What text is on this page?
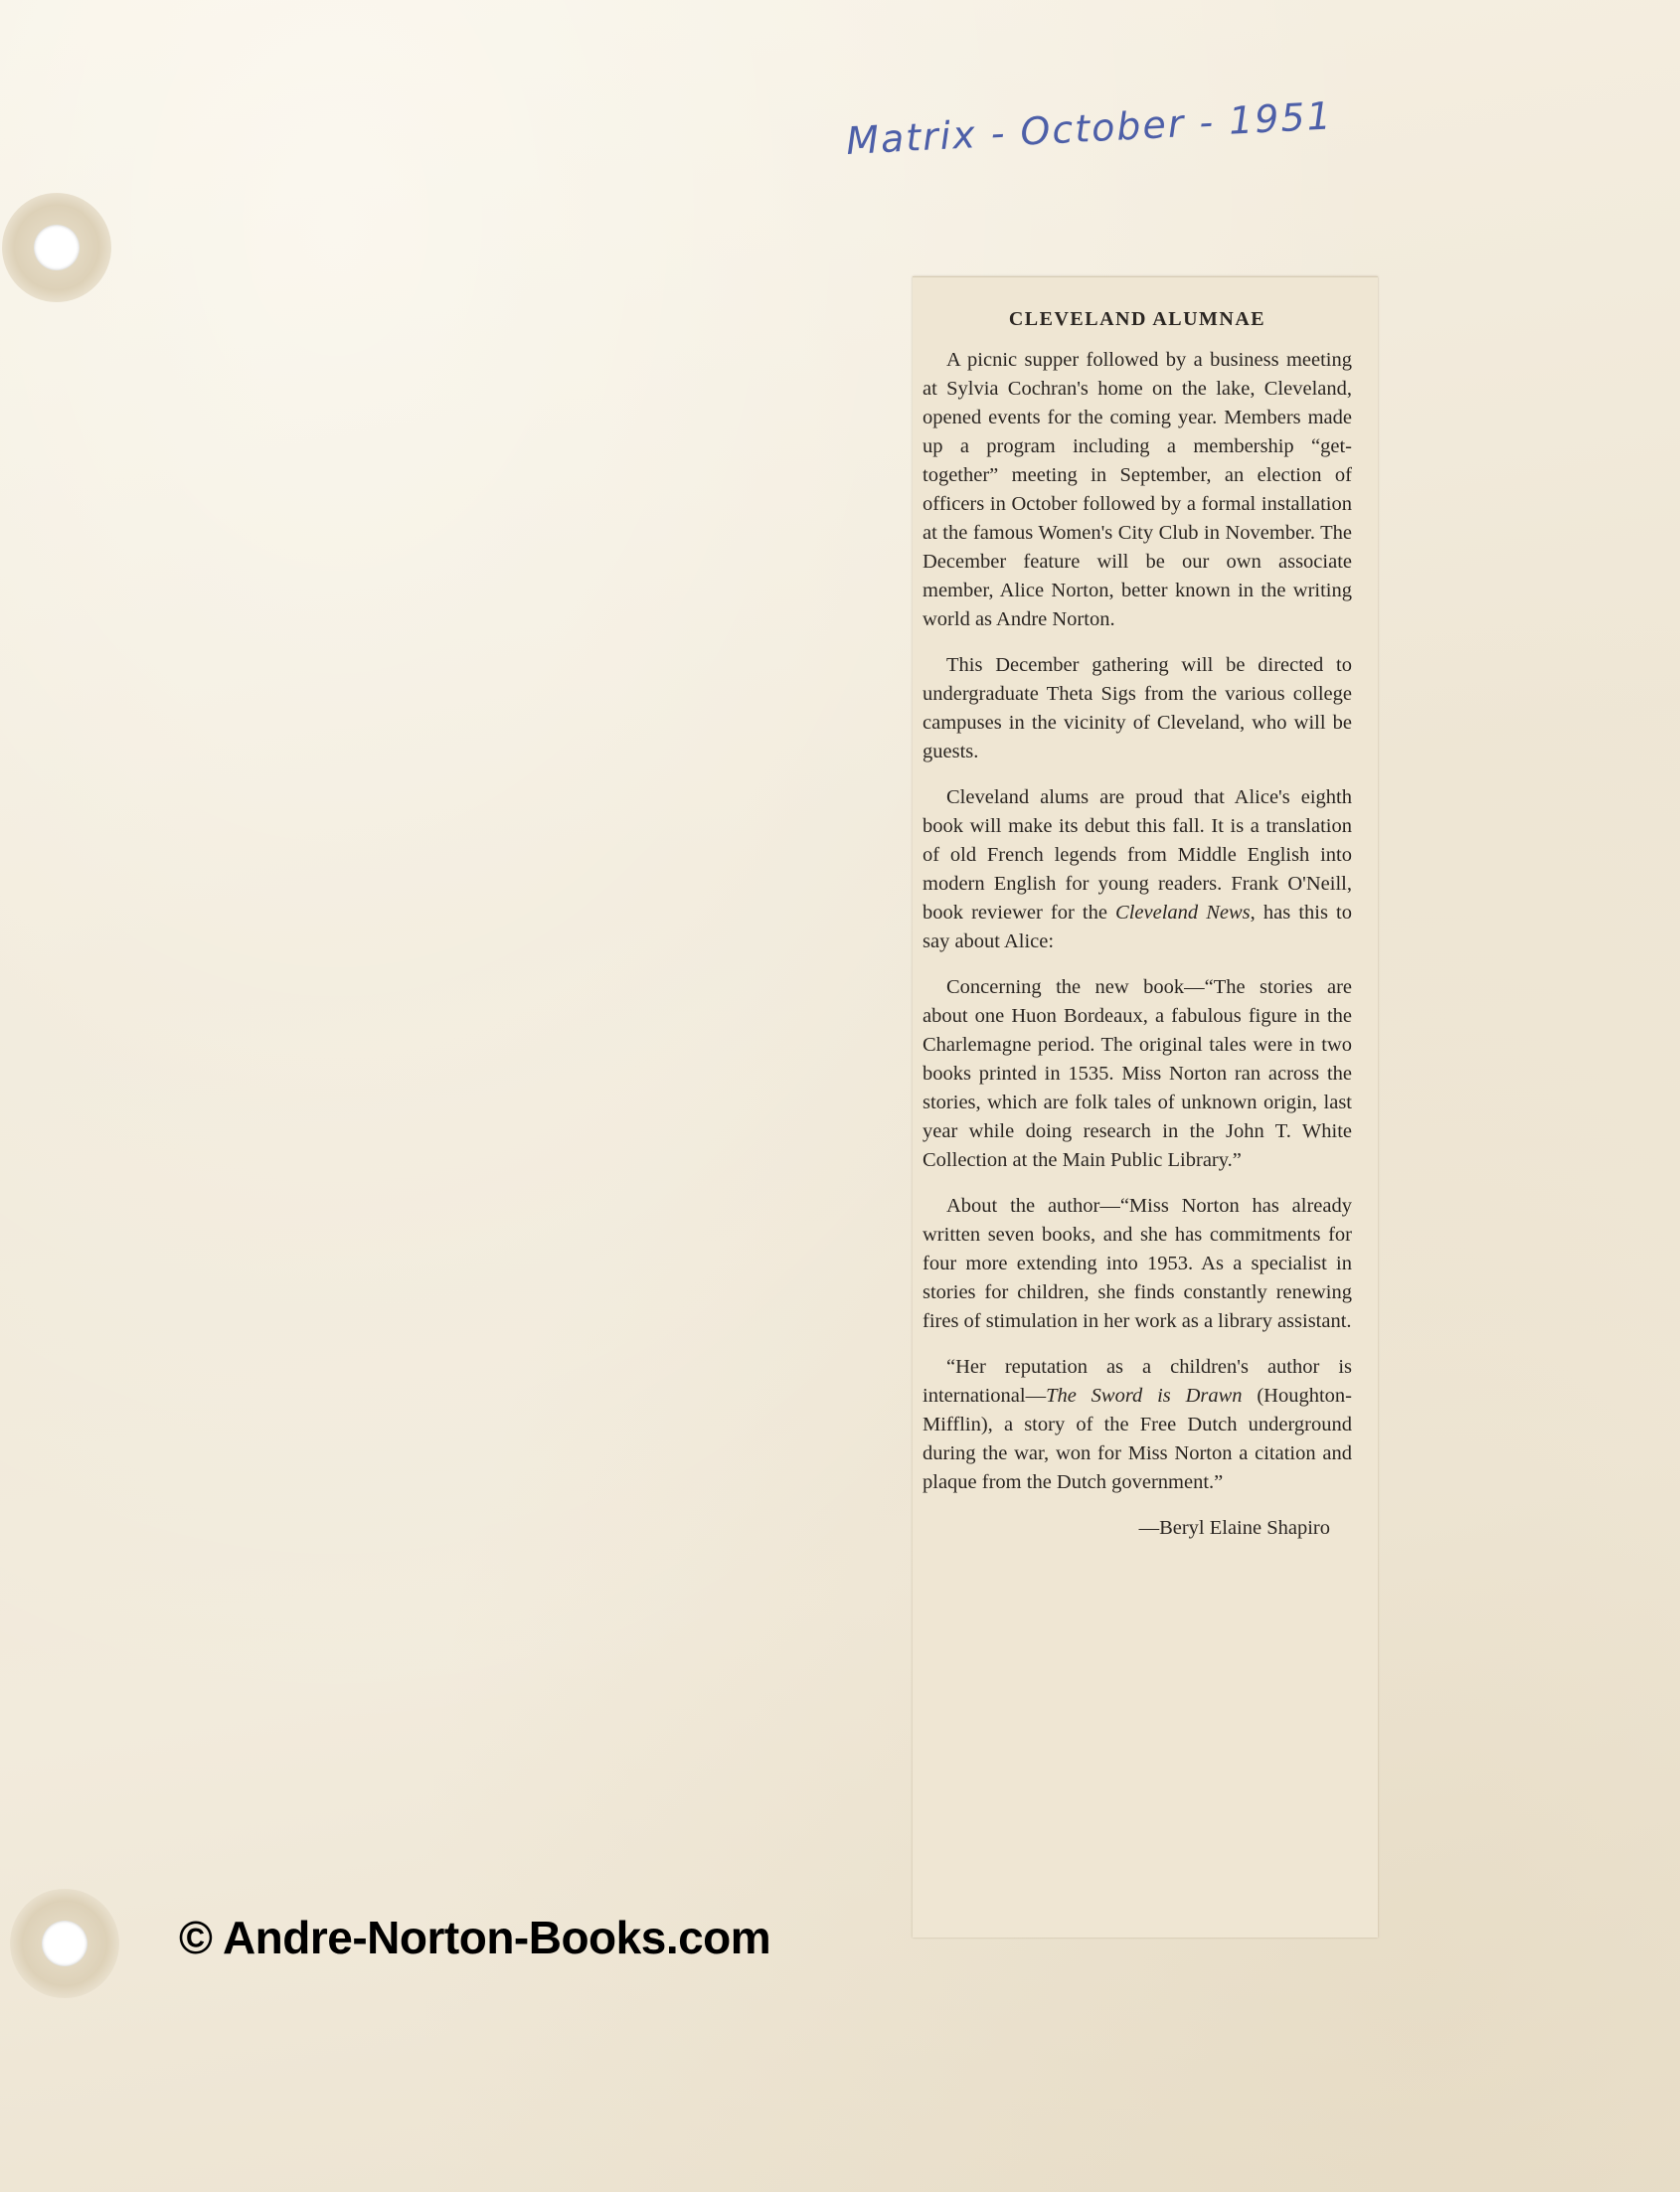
Matrix - October - 1951
CLEVELAND ALUMNAE

A picnic supper followed by a business meeting at Sylvia Cochran's home on the lake, Cleveland, opened events for the coming year. Members made up a program including a membership “get-together” meeting in September, an election of officers in October followed by a formal installation at the famous Women's City Club in November. The December feature will be our own associate member, Alice Norton, better known in the writing world as Andre Norton.

This December gathering will be directed to undergraduate Theta Sigs from the various college campuses in the vicinity of Cleveland, who will be guests.

Cleveland alums are proud that Alice's eighth book will make its debut this fall. It is a translation of old French legends from Middle English into modern English for young readers. Frank O'Neill, book reviewer for the Cleveland News, has this to say about Alice:

Concerning the new book—“The stories are about one Huon Bordeaux, a fabulous figure in the Charlemagne period. The original tales were in two books printed in 1535. Miss Norton ran across the stories, which are folk tales of unknown origin, last year while doing research in the John T. White Collection at the Main Public Library.”

About the author—“Miss Norton has already written seven books, and she has commitments for four more extending into 1953. As a specialist in stories for children, she finds constantly renewing fires of stimulation in her work as a library assistant.

“Her reputation as a children's author is international—The Sword is Drawn (Houghton-Mifflin), a story of the Free Dutch underground during the war, won for Miss Norton a citation and plaque from the Dutch government.”

—Beryl Elaine Shapiro
© Andre-Norton-Books.com
